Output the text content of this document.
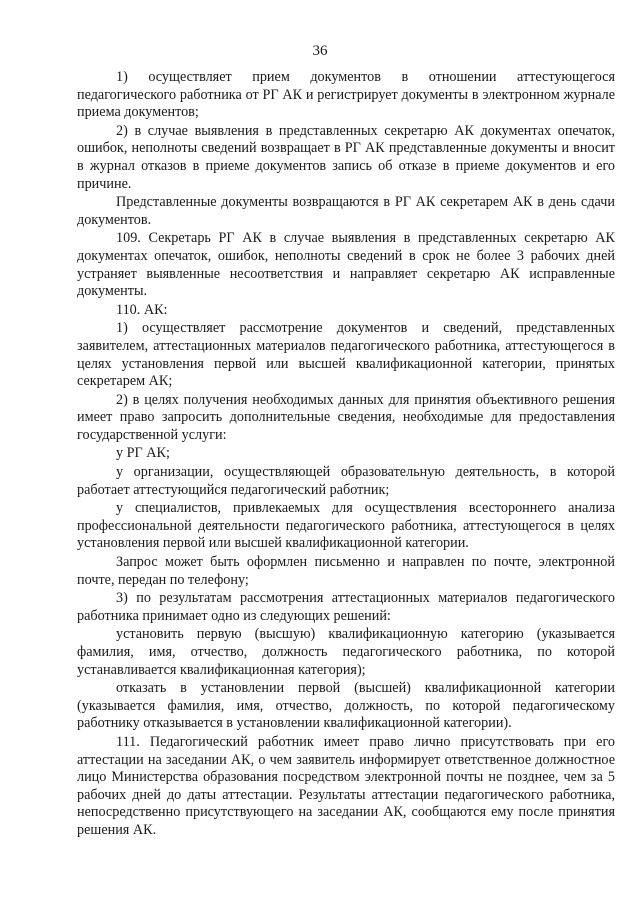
36

1) осуществляет прием документов в отношении аттестующегося педагогического работника от РГ АК и регистрирует документы в электронном журнале приема документов;

2) в случае выявления в представленных секретарю АК документах опечаток, ошибок, неполноты сведений возвращает в РГ АК представленные документы и вносит в журнал отказов в приеме документов запись об отказе в приеме документов и его причине.

Представленные документы возвращаются в РГ АК секретарем АК в день сдачи документов.

109. Секретарь РГ АК в случае выявления в представленных секретарю АК документах опечаток, ошибок, неполноты сведений в срок не более 3 рабочих дней устраняет выявленные несоответствия и направляет секретарю АК исправленные документы.

110. АК:

1) осуществляет рассмотрение документов и сведений, представленных заявителем, аттестационных материалов педагогического работника, аттестующегося в целях установления первой или высшей квалификационной категории, принятых секретарем АК;

2) в целях получения необходимых данных для принятия объективного решения имеет право запросить дополнительные сведения, необходимые для предоставления государственной услуги:

у РГ АК;

у организации, осуществляющей образовательную деятельность, в которой работает аттестующийся педагогический работник;

у специалистов, привлекаемых для осуществления всестороннего анализа профессиональной деятельности педагогического работника, аттестующегося в целях установления первой или высшей квалификационной категории.

Запрос может быть оформлен письменно и направлен по почте, электронной почте, передан по телефону;

3) по результатам рассмотрения аттестационных материалов педагогического работника принимает одно из следующих решений:

установить первую (высшую) квалификационную категорию (указывается фамилия, имя, отчество, должность педагогического работника, по которой устанавливается квалификационная категория);

отказать в установлении первой (высшей) квалификационной категории (указывается фамилия, имя, отчество, должность, по которой педагогическому работнику отказывается в установлении квалификационной категории).

111. Педагогический работник имеет право лично присутствовать при его аттестации на заседании АК, о чем заявитель информирует ответственное должностное лицо Министерства образования посредством электронной почты не позднее, чем за 5 рабочих дней до даты аттестации. Результаты аттестации педагогического работника, непосредственно присутствующего на заседании АК, сообщаются ему после принятия решения АК.
